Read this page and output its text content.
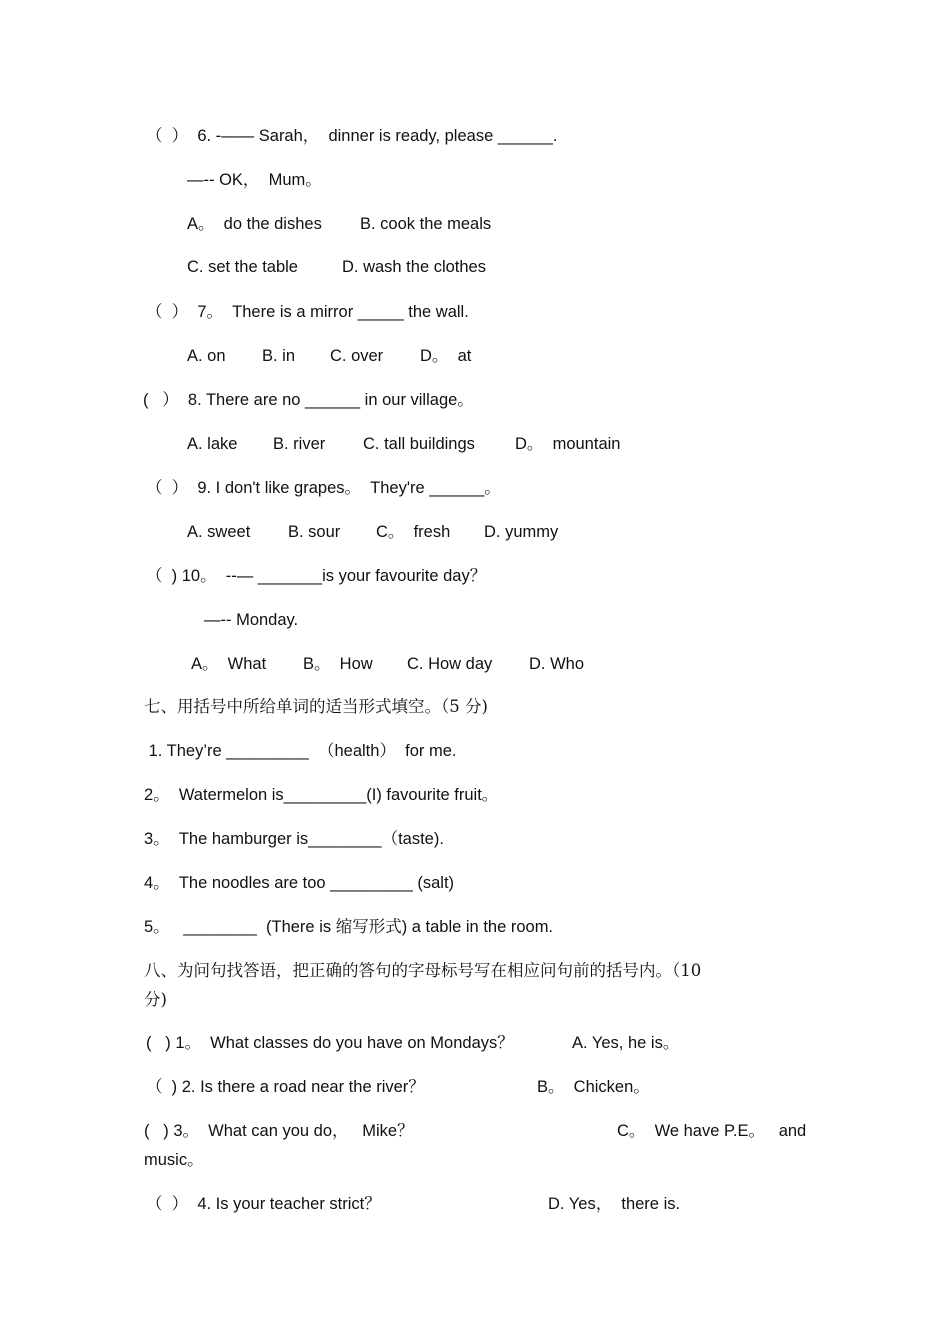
（  ）  6. -—— Sarah，  dinner is ready, please ______.
—-- OK，  Mum。
A。  do the dishes B. cook the meals
C. set the table	D. wash the clothes
（  ）  7。  There is a mirror _____ the wall.
A. on B. in C. over D。  at
(   ）  8. There are no ______ in our village。
A. lake B. river C. tall buildings D。  mountain
（  ）  9. I don't like grapes。  They're ______。
A. sweet B. sour C。  fresh D. yummy
（  ) 10。  --— _______is your favourite day？
—-- Monday.
A。  What B。  How C. How day D. Who
七、用括号中所给单词的适当形式填空。（5 分)
1. They’re _________  （health）  for me.
2。  Watermelon is_________(I) favourite fruit。
3。  The hamburger is________（taste).
4。  The noodles are too _________ (salt)
5。   ________  (There is 缩写形式) a table in the room.
八、为问句找答语，把正确的答句的字母标号写在相应问句前的括号内。（10
分)
(   ) 1。  What classes do you have on Mondays？	A. Yes, he is。
（  ) 2. Is there a road near the river？	B。  Chicken。
(   ) 3。  What can you do，   Mike？	C。  We have P.E。   and
music。
（  ）  4. Is your teacher strict？	D. Yes，  there is.
